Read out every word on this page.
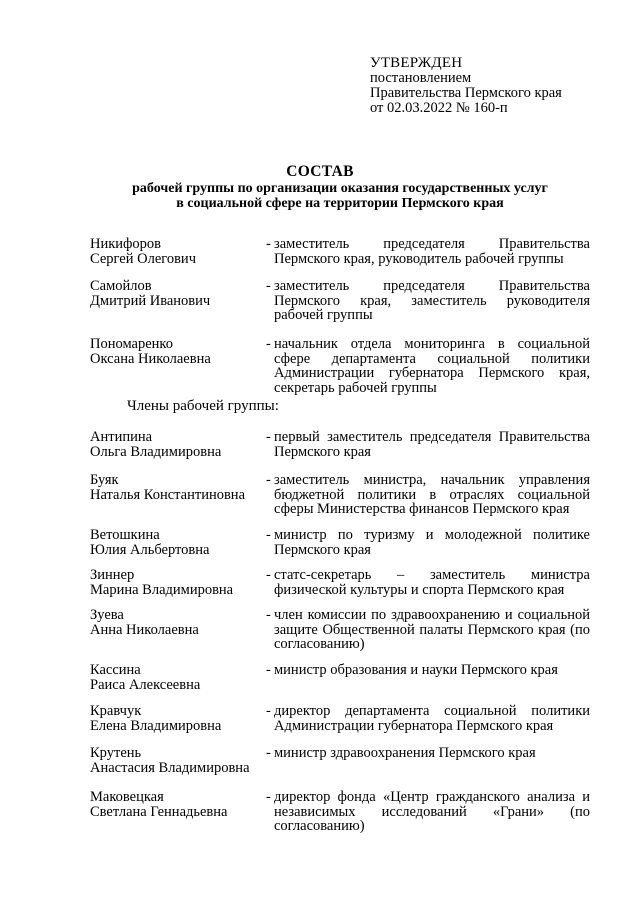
УТВЕРЖДЕН
постановлением
Правительства Пермского края
от 02.03.2022 № 160-п
СОСТАВ
рабочей группы по организации оказания государственных услуг
в социальной сфере на территории Пермского края
Никифоров
Сергей Олегович
- заместитель председателя Правительства Пермского края, руководитель рабочей группы
Самойлов
Дмитрий Иванович
- заместитель председателя Правительства Пермского края, заместитель руководителя рабочей группы
Пономаренко
Оксана Николаевна
- начальник отдела мониторинга в социальной сфере департамента социальной политики Администрации губернатора Пермского края, секретарь рабочей группы
Члены рабочей группы:
Антипина
Ольга Владимировна
- первый заместитель председателя Правительства Пермского края
Буяк
Наталья Константиновна
- заместитель министра, начальник управления бюджетной политики в отраслях социальной сферы Министерства финансов Пермского края
Ветошкина
Юлия Альбертовна
- министр по туризму и молодежной политике Пермского края
Зиннер
Марина Владимировна
- статс-секретарь – заместитель министра физической культуры и спорта Пермского края
Зуева
Анна Николаевна
- член комиссии по здравоохранению и социальной защите Общественной палаты Пермского края (по согласованию)
Кассина
Раиса Алексеевна
- министр образования и науки Пермского края
Кравчук
Елена Владимировна
- директор департамента социальной политики Администрации губернатора Пермского края
Крутень
Анастасия Владимировна
- министр здравоохранения Пермского края
Маковецкая
Светлана Геннадьевна
- директор фонда «Центр гражданского анализа и независимых исследований «Грани» (по согласованию)
